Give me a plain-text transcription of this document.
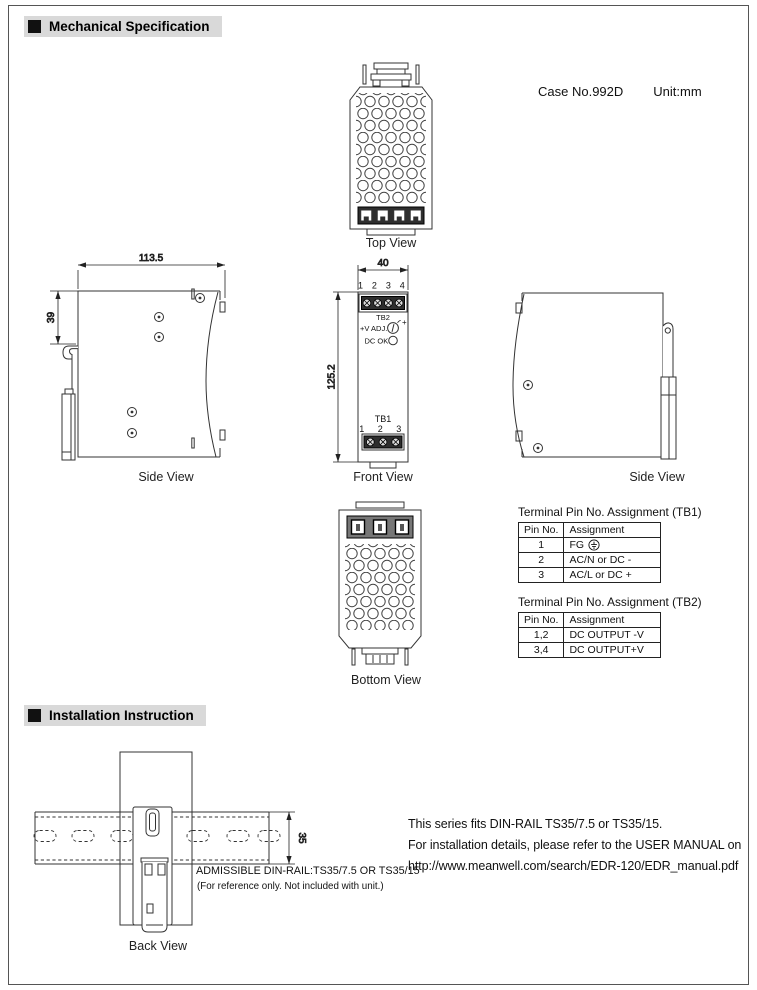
Mechanical Specification
Case No.992D Unit:mm
Top View
113.5
39
Side View
40
125.2
1 2 3 4
TB2
+V ADJ.
+
DC OK
TB1
1 2 3
Front View	Side View
Bottom View
Terminal Pin No. Assignment (TB1)
Pin No.	Assignment
1	FG

2	AC/N or DC -
3	AC/L or DC +
Terminal Pin No. Assignment (TB2)
Pin No.	Assignment
1,2	DC OUTPUT -V
3,4	DC OUTPUT+V
Installation Instruction
35
Back View
ADMISSIBLE DIN-RAIL:TS35/7.5 OR TS35/15
(For reference only. Not included with unit.)
This series fits DIN-RAIL TS35/7.5 or TS35/15.
For installation details, please refer to the USER MANUAL on
http://www.meanwell.com/search/EDR-120/EDR_manual.pdf
